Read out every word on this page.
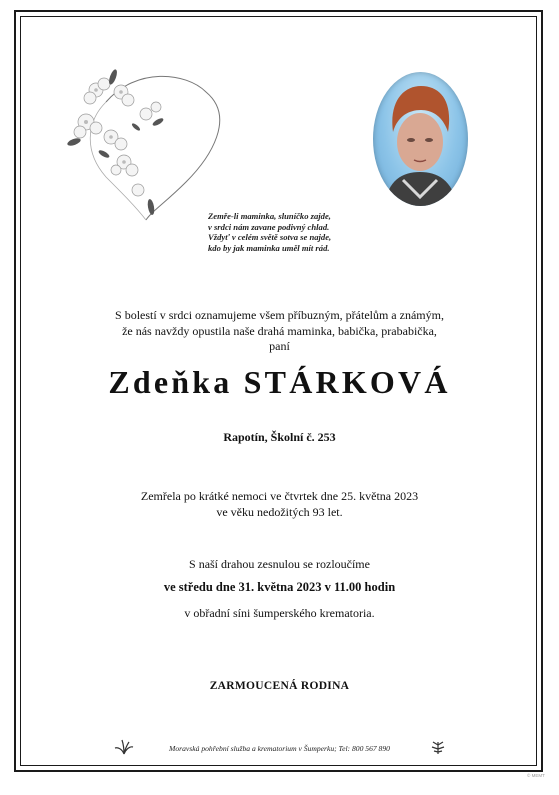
Zemře-li maminka, sluníčko zajde,
v srdci nám zavane podivný chlad.
Vždyť v celém světě sotva se najde,
kdo by jak maminka uměl mít rád.
S bolestí v srdci oznamujeme všem příbuzným, přátelům a známým,
že nás navždy opustila naše drahá maminka, babička, prababička,
paní
Zdeňka STÁRKOVÁ
Rapotín, Školní č. 253
Zemřela po krátké nemoci ve čtvrtek dne 25. května 2023
ve věku nedožitých 93 let.
S naší drahou zesnulou se rozloučíme
ve středu dne 31. května 2023 v 11.00 hodin
v obřadní síni šumperského krematoria.
ZARMOUCENÁ RODINA
Moravská pohřební služba a krematorium v Šumperku; Tel: 800 567 890
© MEMT
